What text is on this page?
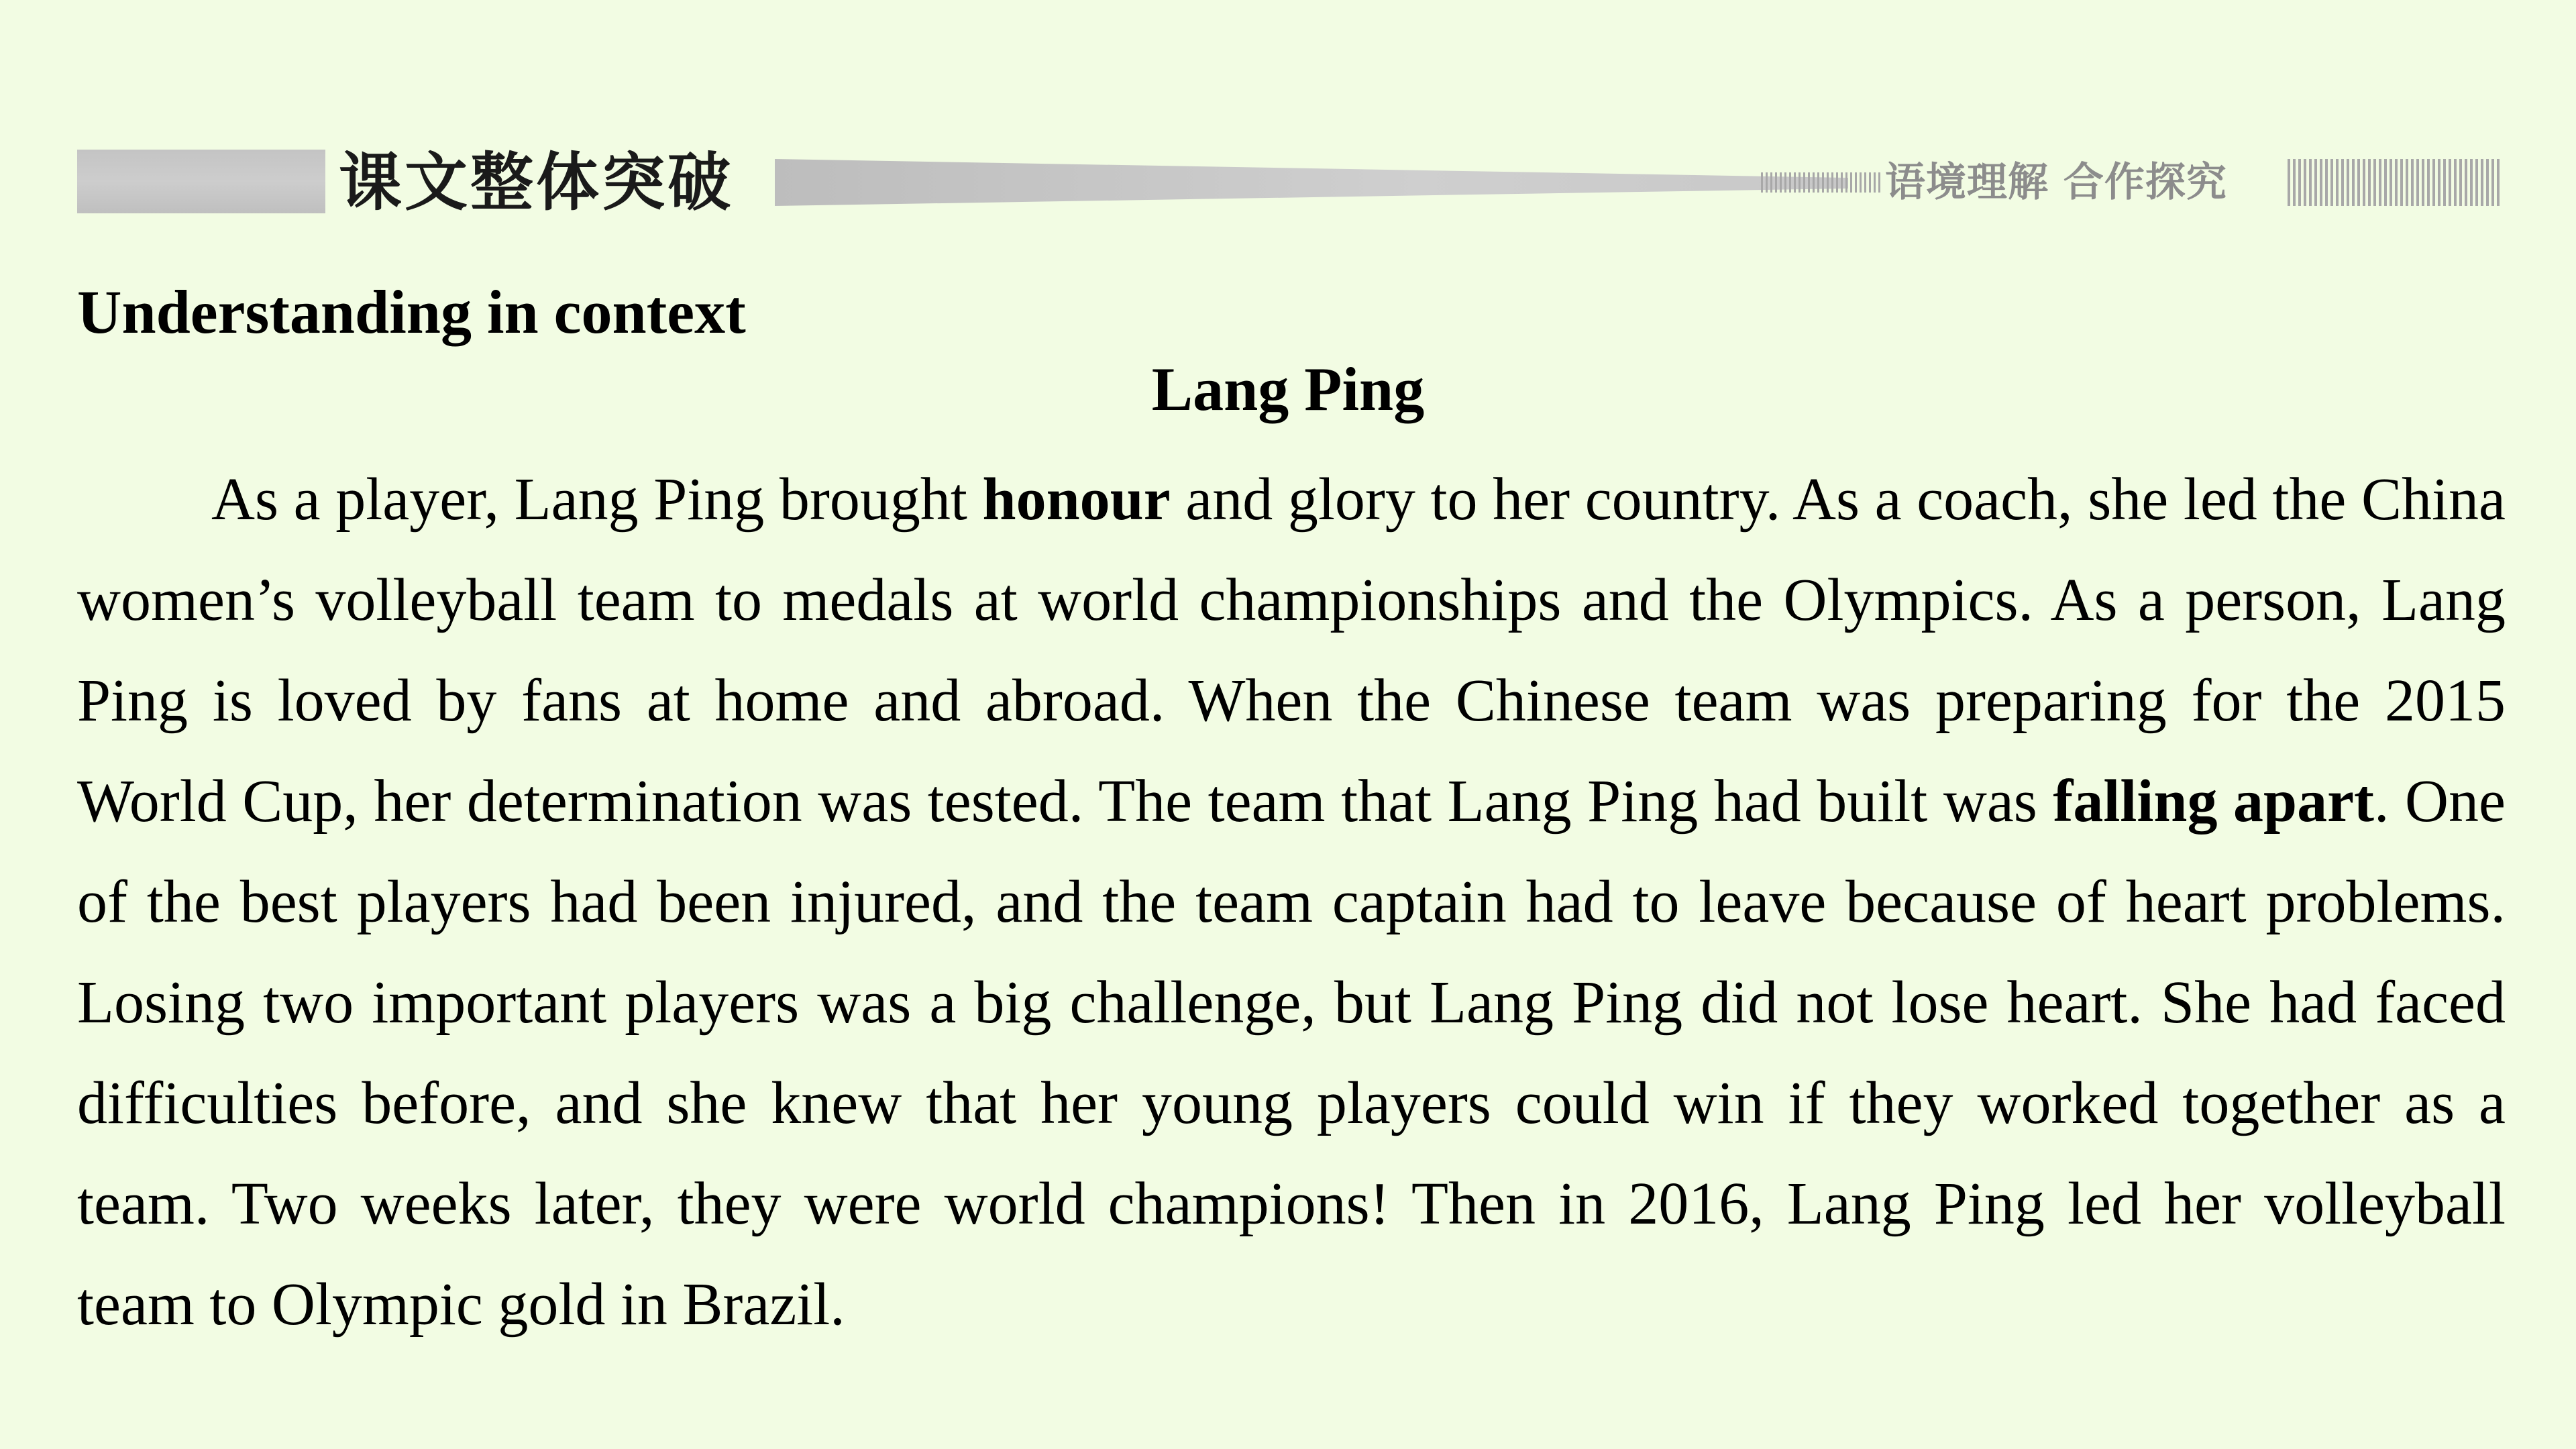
课文整体突破	语境理解 合作探究
Understanding in context
Lang Ping

As a player, Lang Ping brought honour and glory to her country. As a coach, she led the China women’s volleyball team to medals at world championships and the Olympics. As a person, Lang Ping is loved by fans at home and abroad. When the Chinese team was preparing for the 2015 World Cup, her determination was tested. The team that Lang Ping had built was falling apart. One of the best players had been injured, and the team captain had to leave because of heart problems. Losing two important players was a big challenge, but Lang Ping did not lose heart. She had faced difficulties before, and she knew that her young players could win if they worked together as a team. Two weeks later, they were world champions! Then in 2016, Lang Ping led her volleyball team to Olympic gold in Brazil.
